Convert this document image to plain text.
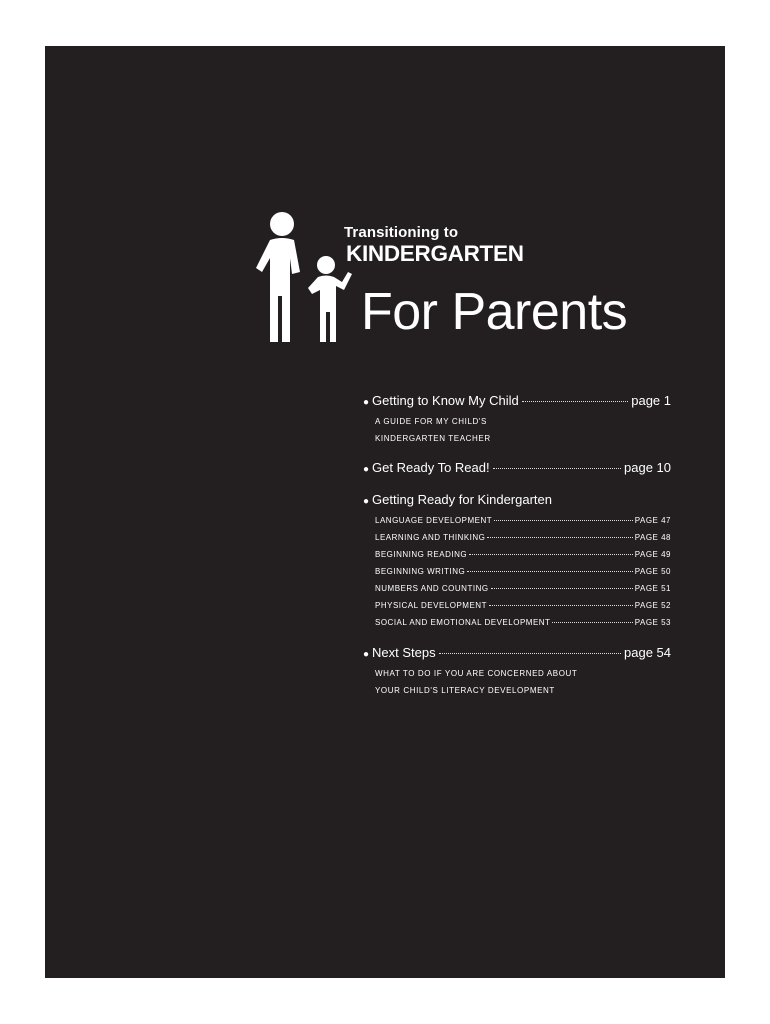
Transitioning to
KINDERGARTEN
For Parents
● Getting to Know My Child	page 1
A GUIDE FOR MY CHILD'S
KINDERGARTEN TEACHER
● Get Ready To Read!	page 10
● Getting Ready for Kindergarten
LANGUAGE DEVELOPMENT	PAGE 47
LEARNING AND THINKING	PAGE 48
BEGINNING READING	PAGE 49
BEGINNING WRITING	PAGE 50
NUMBERS AND COUNTING	PAGE 51
PHYSICAL DEVELOPMENT	PAGE 52
SOCIAL AND EMOTIONAL DEVELOPMENT	PAGE 53
● Next Steps	page 54
WHAT TO DO IF YOU ARE CONCERNED ABOUT
YOUR CHILD'S LITERACY DEVELOPMENT
